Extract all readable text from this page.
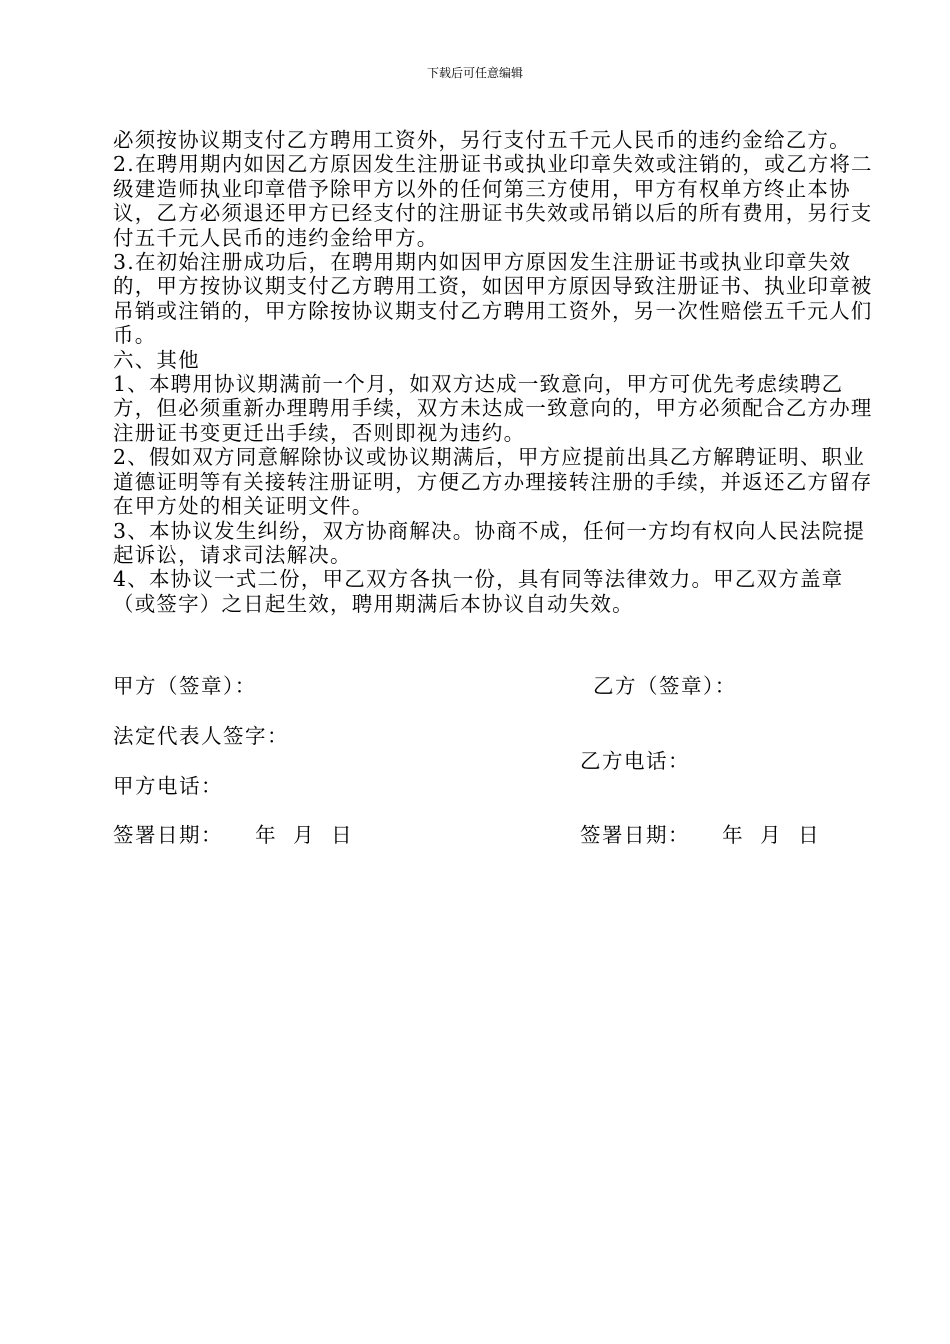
下载后可任意编辑

必须按协议期支付乙方聘用工资外，另行支付五千元人民币的违约金给乙方。

2.在聘用期内如因乙方原因发生注册证书或执业印章失效或注销的，或乙方将二级建造师执业印章借予除甲方以外的任何第三方使用，甲方有权单方终止本协议，乙方必须退还甲方已经支付的注册证书失效或吊销以后的所有费用，另行支付五千元人民币的违约金给甲方。

3.在初始注册成功后，在聘用期内如因甲方原因发生注册证书或执业印章失效的，甲方按协议期支付乙方聘用工资，如因甲方原因导致注册证书、执业印章被吊销或注销的，甲方除按协议期支付乙方聘用工资外，另一次性赔偿五千元人们币。

六、其他

1、本聘用协议期满前一个月，如双方达成一致意向，甲方可优先考虑续聘乙方，但必须重新办理聘用手续，双方未达成一致意向的，甲方必须配合乙方办理注册证书变更迁出手续，否则即视为违约。

2、假如双方同意解除协议或协议期满后，甲方应提前出具乙方解聘证明、职业道德证明等有关接转注册证明，方便乙方办理接转注册的手续，并返还乙方留存在甲方处的相关证明文件。

3、本协议发生纠纷，双方协商解决。协商不成，任何一方均有权向人民法院提起诉讼，请求司法解决。

4、本协议一式二份，甲乙双方各执一份，具有同等法律效力。甲乙双方盖章（或签字）之日起生效，聘用期满后本协议自动失效。

甲方（签章）：	乙方（签章）：
法定代表人签字：
乙方电话：
甲方电话：
签署日期：    年  月  日	签署日期：    年  月  日
